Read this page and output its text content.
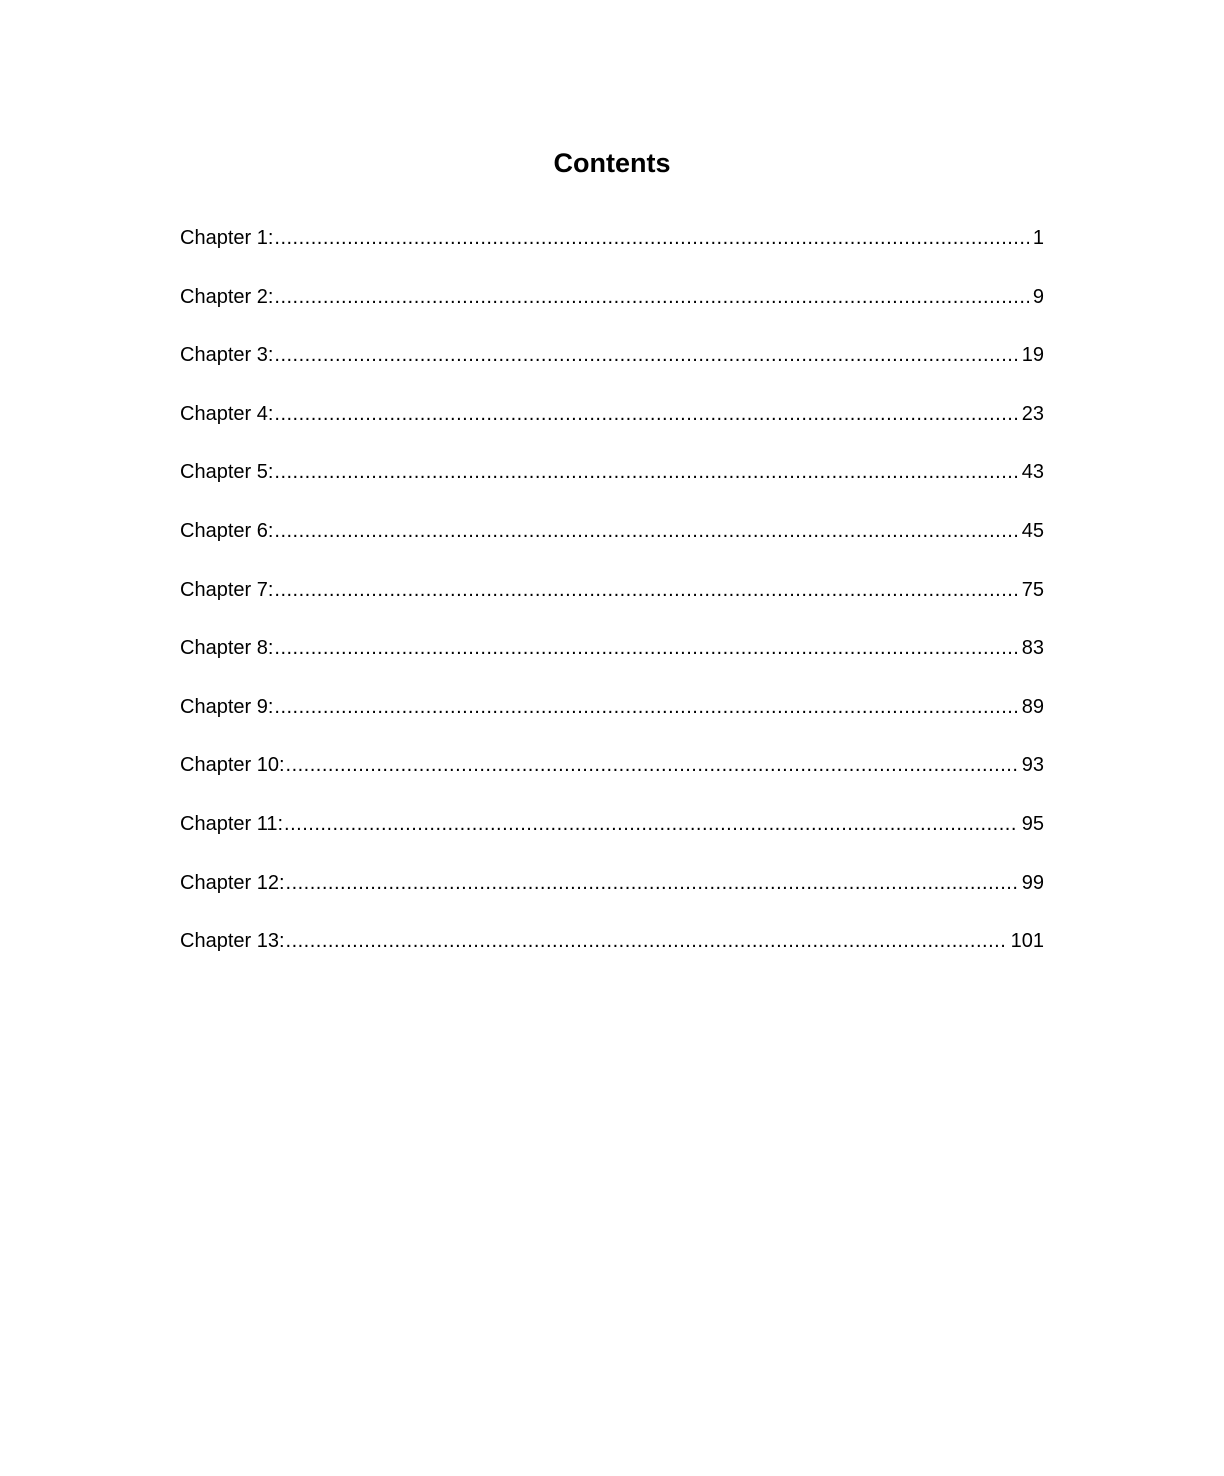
Contents
Chapter 1: .....	1
Chapter 2: .....	9
Chapter 3: .....	19
Chapter 4: .....	23
Chapter 5: .....	43
Chapter 6: .....	45
Chapter 7: .....	75
Chapter 8: .....	83
Chapter 9: .....	89
Chapter 10: .....	93
Chapter 11: .....	95
Chapter 12: .....	99
Chapter 13: .....	101
